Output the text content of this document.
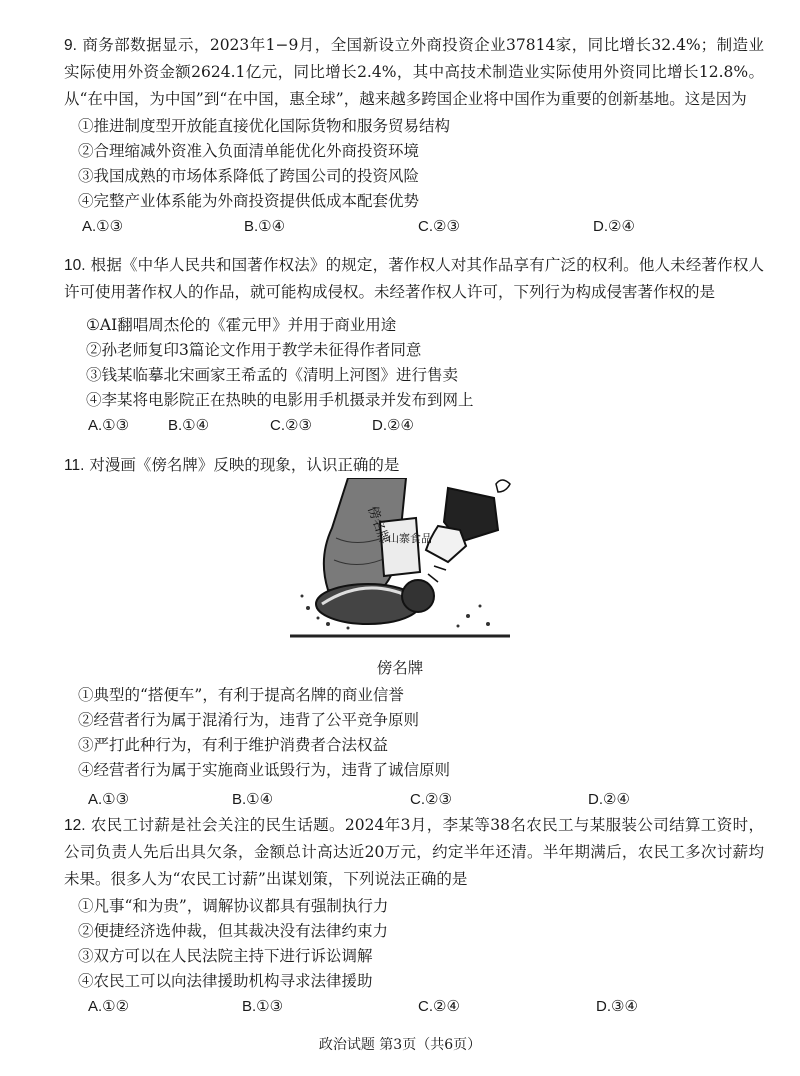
9. 商务部数据显示，2023年1−9月，全国新设立外商投资企业37814家，同比增长32.4%；制造业实际使用外资金额2624.1亿元，同比增长2.4%，其中高技术制造业实际使用外资同比增长12.8%。从“在中国，为中国”到“在中国，惠全球”，越来越多跨国企业将中国作为重要的创新基地。这是因为

①推进制度型开放能直接优化国际货物和服务贸易结构
②合理缩减外资准入负面清单能优化外商投资环境
③我国成熟的市场体系降低了跨国公司的投资风险
④完整产业体系能为外商投资提供低成本配套优势
A.①③	B.①④	C.②③	D.②④

10. 根据《中华人民共和国著作权法》的规定，著作权人对其作品享有广泛的权利。他人未经著作权人许可使用著作权人的作品，就可能构成侵权。未经著作权人许可，下列行为构成侵害著作权的是

①AI翻唱周杰伦的《霍元甲》并用于商业用途
②孙老师复印3篇论文作用于教学未征得作者同意
③钱某临摹北宋画家王希孟的《清明上河图》进行售卖
④李某将电影院正在热映的电影用手机摄录并发布到网上
A.①③	B.①④	C.②③	D.②④

11. 对漫画《傍名牌》反映的现象，认识正确的是

傍名牌
山寨食品
傍名牌
①典型的“搭便车”，有利于提高名牌的商业信誉
②经营者行为属于混淆行为，违背了公平竞争原则
③严打此种行为，有利于维护消费者合法权益
④经营者行为属于实施商业诋毁行为，违背了诚信原则
A.①③	B.①④	C.②③	D.②④

12. 农民工讨薪是社会关注的民生话题。2024年3月，李某等38名农民工与某服装公司结算工资时，公司负责人先后出具欠条，金额总计高达近20万元，约定半年还清。半年期满后，农民工多次讨薪均未果。很多人为“农民工讨薪”出谋划策，下列说法正确的是

①凡事“和为贵”，调解协议都具有强制执行力
②便捷经济选仲裁，但其裁决没有法律约束力
③双方可以在人民法院主持下进行诉讼调解
④农民工可以向法律援助机构寻求法律援助
A.①②	B.①③	C.②④	D.③④
政治试题 第3页（共6页）
